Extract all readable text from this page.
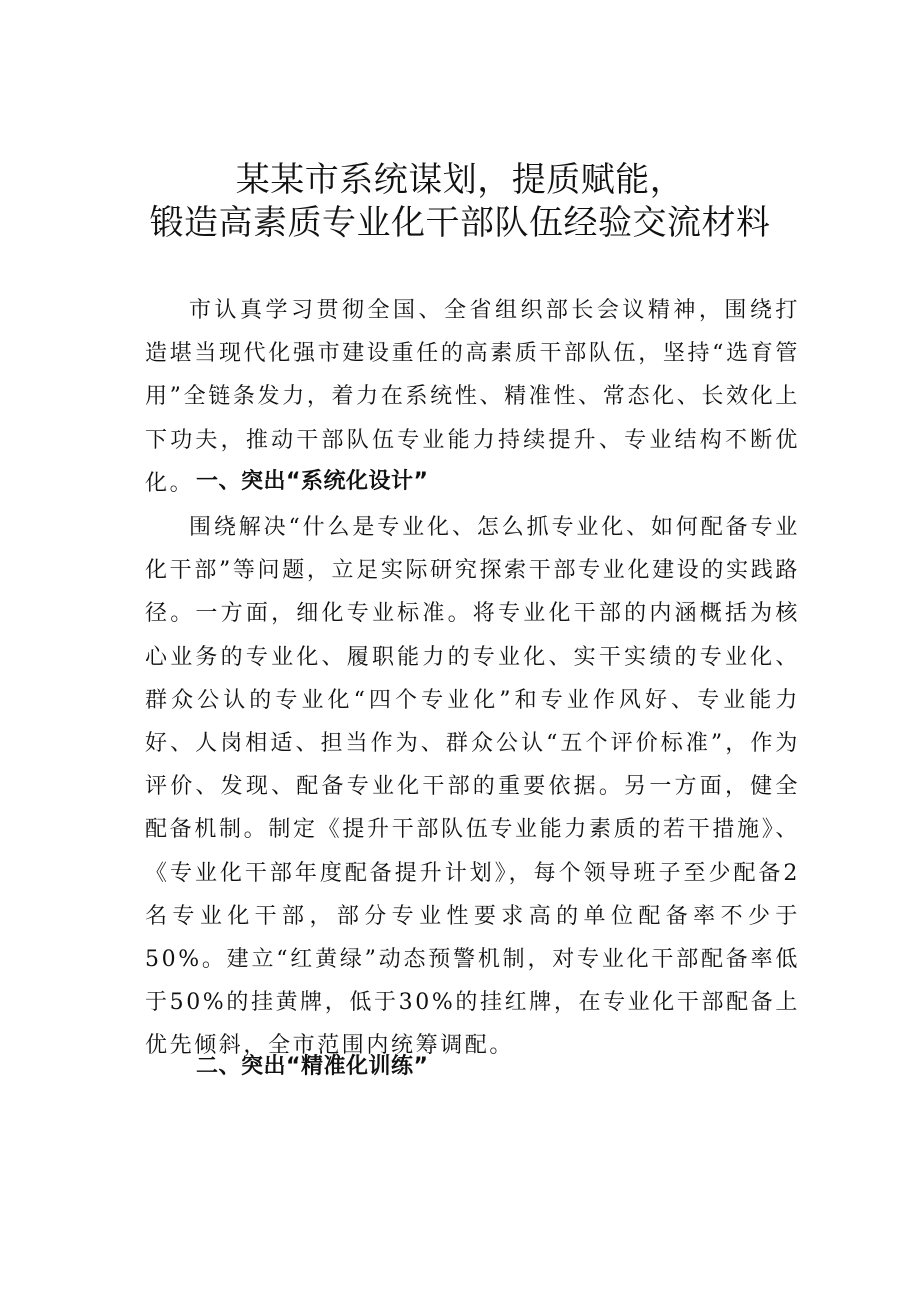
某某市系统谋划，提质赋能，
锻造高素质专业化干部队伍经验交流材料

市认真学习贯彻全国、全省组织部长会议精神，围绕打造堪当现代化强市建设重任的高素质干部队伍，坚持“选育管用”全链条发力，着力在系统性、精准性、常态化、长效化上下功夫，推动干部队伍专业能力持续提升、专业结构不断优化。 一、突出“系统化设计”

围绕解决“什么是专业化、怎么抓专业化、如何配备专业化干部”等问题，立足实际研究探索干部专业化建设的实践路径。一方面，细化专业标准。将专业化干部的内涵概括为核心业务的专业化、履职能力的专业化、实干实绩的专业化、群众公认的专业化“四个专业化”和专业作风好、专业能力好、人岗相适、担当作为、群众公认“五个评价标准”，作为评价、发现、配备专业化干部的重要依据。另一方面，健全配备机制。制定《提升干部队伍专业能力素质的若干措施》、《专业化干部年度配备提升计划》，每个领导班子至少配备2名专业化干部，部分专业性要求高的单位配备率不少于50%。建立“红黄绿”动态预警机制，对专业化干部配备率低于50%的挂黄牌，低于30%的挂红牌，在专业化干部配备上优先倾斜，全市范围内统筹调配。

二、突出“精准化训练”
